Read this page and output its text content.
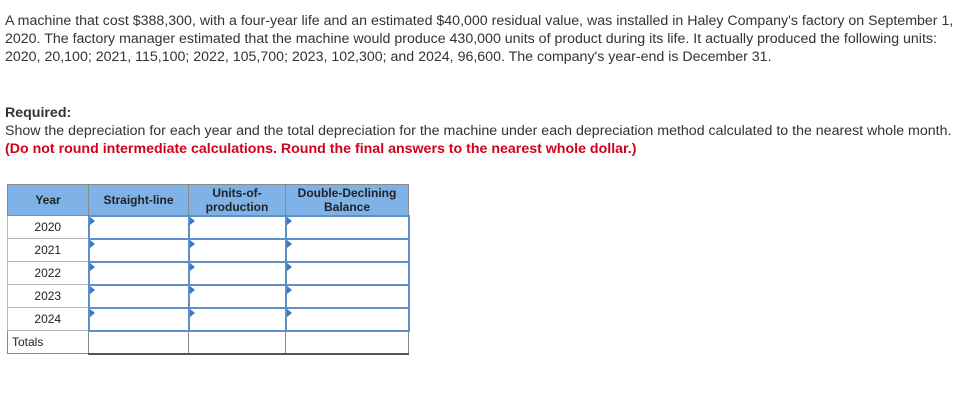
A machine that cost $388,300, with a four-year life and an estimated $40,000 residual value, was installed in Haley Company's factory on September 1, 2020. The factory manager estimated that the machine would produce 430,000 units of product during its life. It actually produced the following units: 2020, 20,100; 2021, 115,100; 2022, 105,700; 2023, 102,300; and 2024, 96,600. The company's year-end is December 31.

Required:

Show the depreciation for each year and the total depreciation for the machine under each depreciation method calculated to the nearest whole month. (Do not round intermediate calculations. Round the final answers to the nearest whole dollar.)

Year	Straight-line	Units-of-production	Double-Declining Balance
2020	

2021	

2022	

2023	

2024	

Totals			
